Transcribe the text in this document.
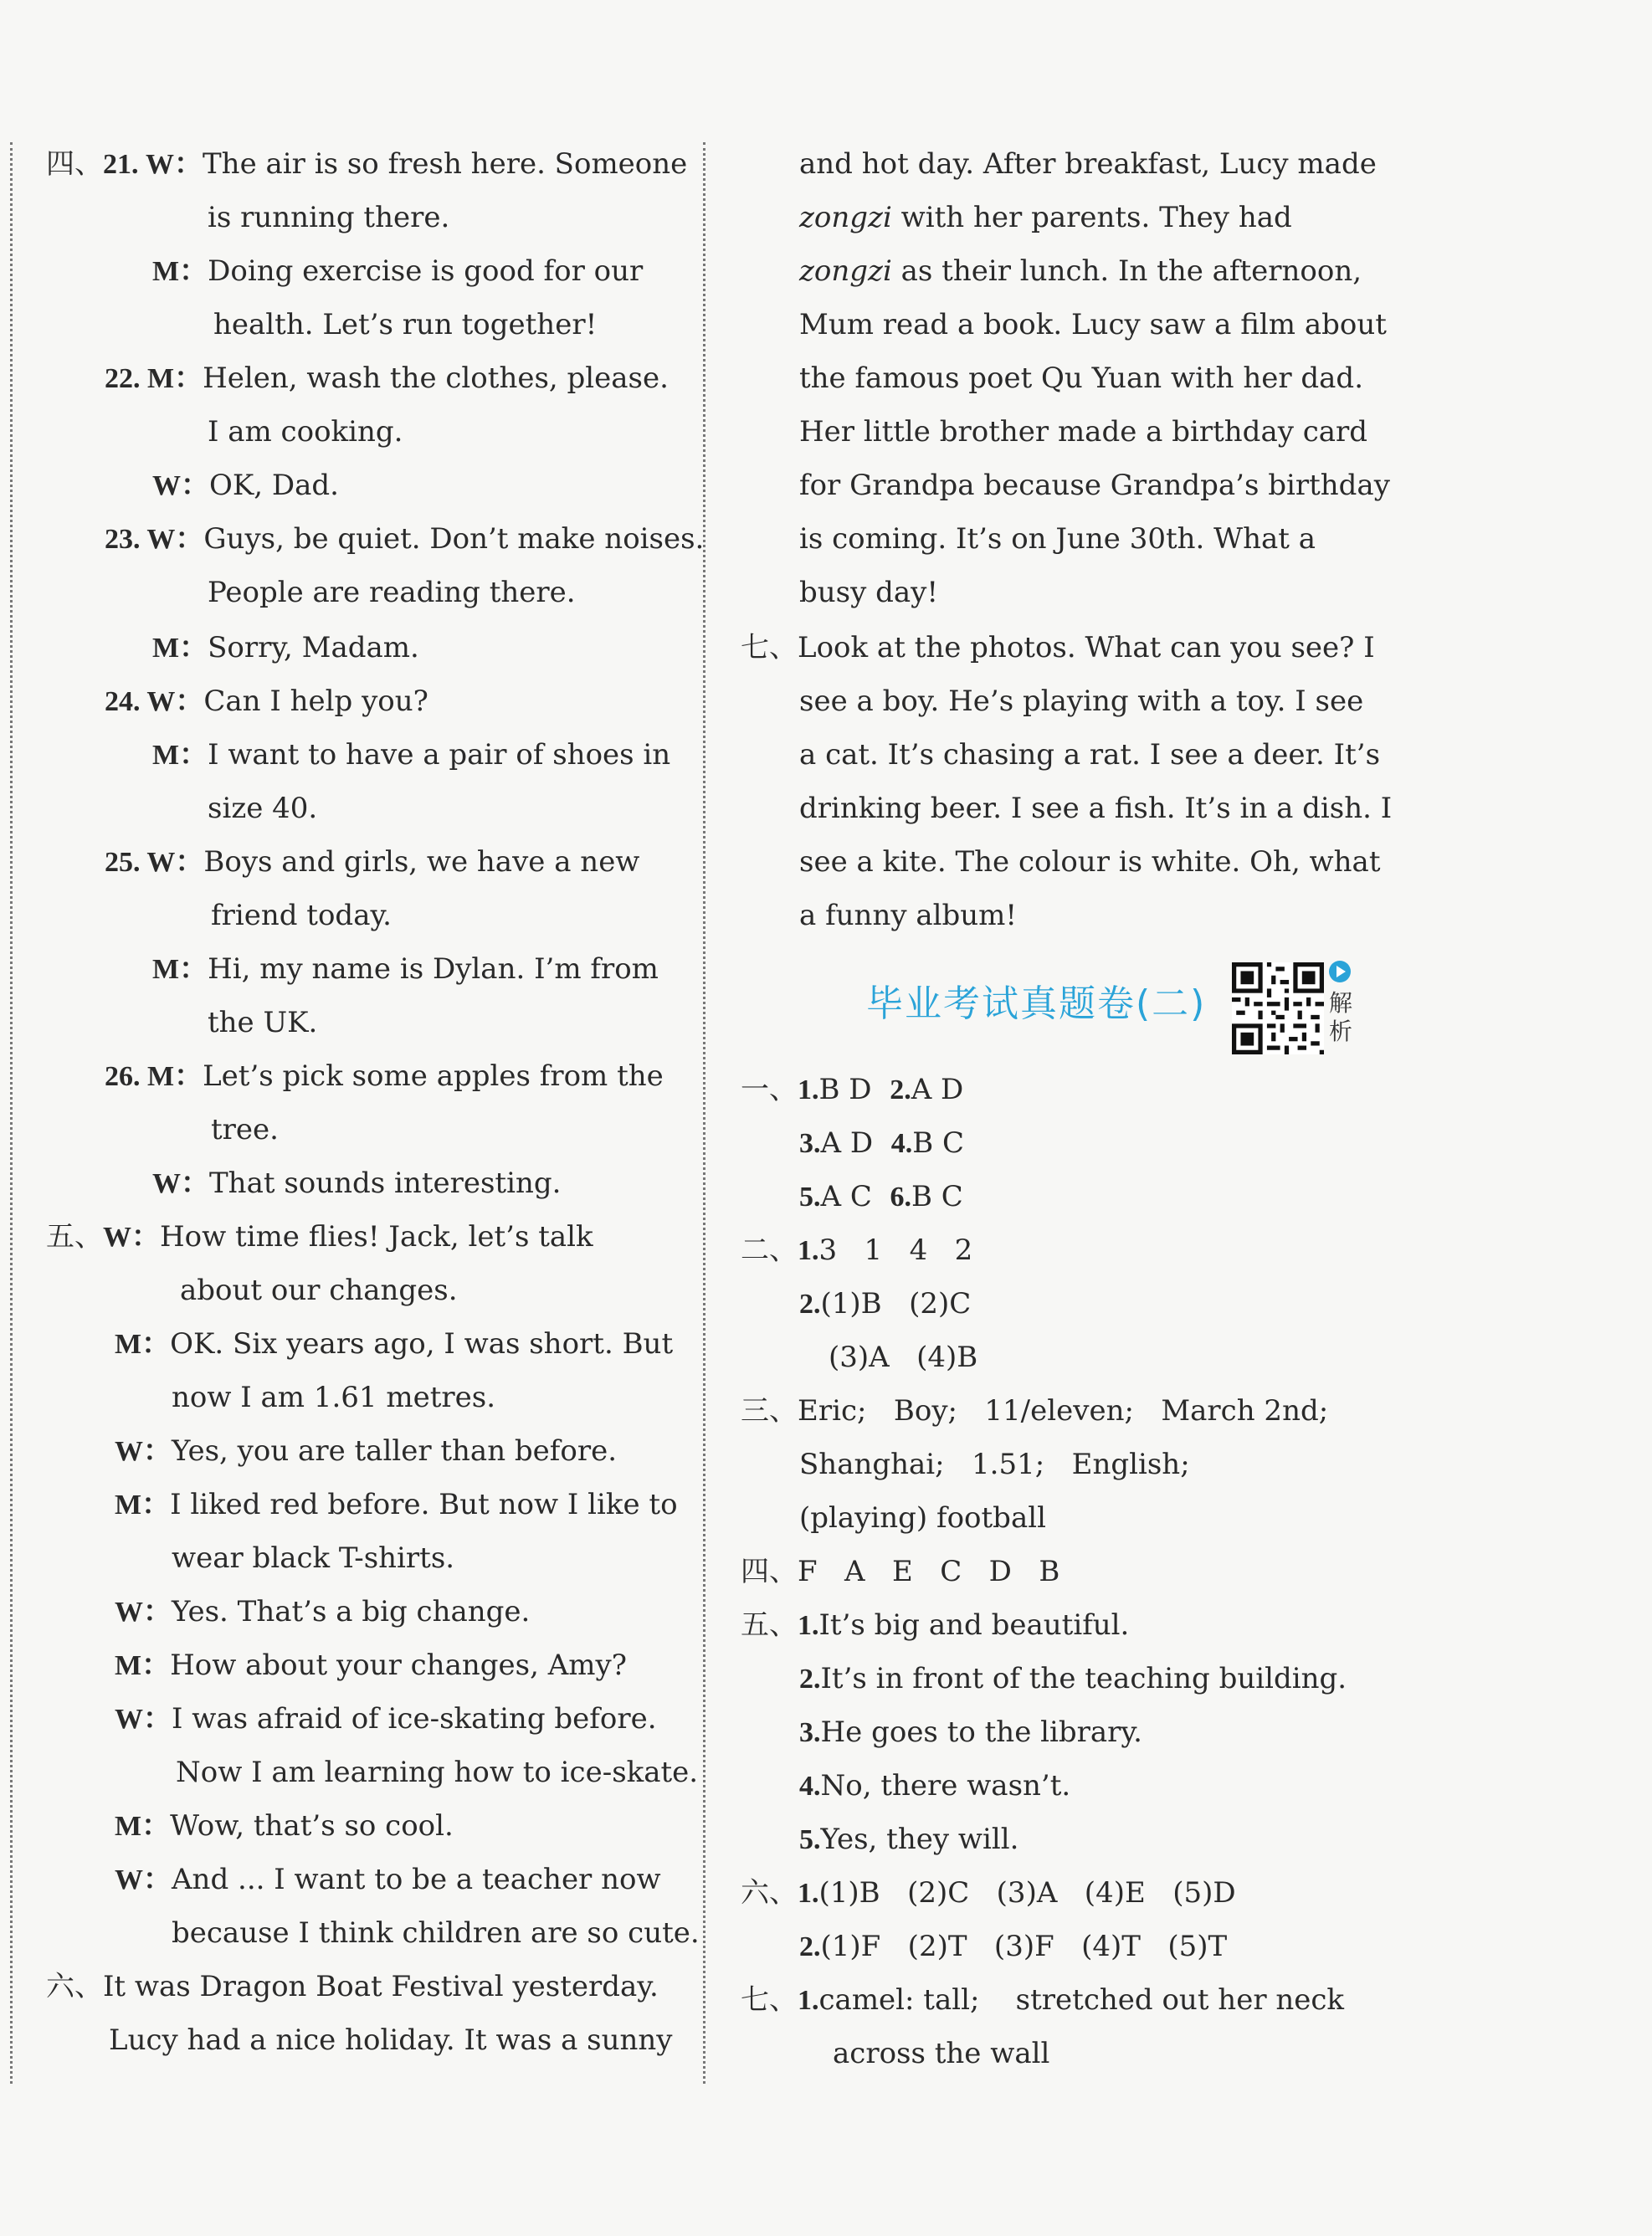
四、21. W：The air is so fresh here. Someone
is running there.
M：Doing exercise is good for our
health. Let’s run together!
22. M：Helen, wash the clothes, please.
I am cooking.
W：OK, Dad.
23. W：Guys, be quiet. Don’t make noises.
People are reading there.
M：Sorry, Madam.
24. W：Can I help you?
M：I want to have a pair of shoes in
size 40.
25. W：Boys and girls, we have a new
friend today.
M：Hi, my name is Dylan. I’m from
the UK.
26. M：Let’s pick some apples from the
tree.
W：That sounds interesting.
五、W：How time flies! Jack, let’s talk
about our changes.
M：OK. Six years ago, I was short. But
now I am 1.61 metres.
W：Yes, you are taller than before.
M：I liked red before. But now I like to
wear black T-shirts.
W：Yes. That’s a big change.
M：How about your changes, Amy?
W：I was afraid of ice-skating before.
Now I am learning how to ice-skate.
M：Wow, that’s so cool.
W：And ... I want to be a teacher now
because I think children are so cute.
六、It was Dragon Boat Festival yesterday.
Lucy had a nice holiday. It was a sunny
and hot day. After breakfast, Lucy made
zongzi with her parents. They had
zongzi as their lunch. In the afternoon,
Mum read a book. Lucy saw a film about
the famous poet Qu Yuan with her dad.
Her little brother made a birthday card
for Grandpa because Grandpa’s birthday
is coming. It’s on June 30th. What a
busy day!
七、Look at the photos. What can you see? I
see a boy. He’s playing with a toy. I see
a cat. It’s chasing a rat. I see a deer. It’s
drinking beer. I see a fish. It’s in a dish. I
see a kite. The colour is white. Oh, what
a funny album!
毕业考试真题卷(二)	解析
一、1.B D 2.A D
3.A D 4.B C
5.A C 6.B C
二、1.3   1   4   2
2.(1)B   (2)C
(3)A   (4)B
三、Eric;   Boy;   11/eleven;   March 2nd;
Shanghai;   1.51;   English;
(playing) football
四、F   A   E   C   D   B
五、1.It’s big and beautiful.
2.It’s in front of the teaching building.
3.He goes to the library.
4.No, there wasn’t.
5.Yes, they will.
六、1.(1)B   (2)C   (3)A   (4)E   (5)D
2.(1)F   (2)T   (3)F   (4)T   (5)T
七、1.camel: tall;    stretched out her neck
across the wall
